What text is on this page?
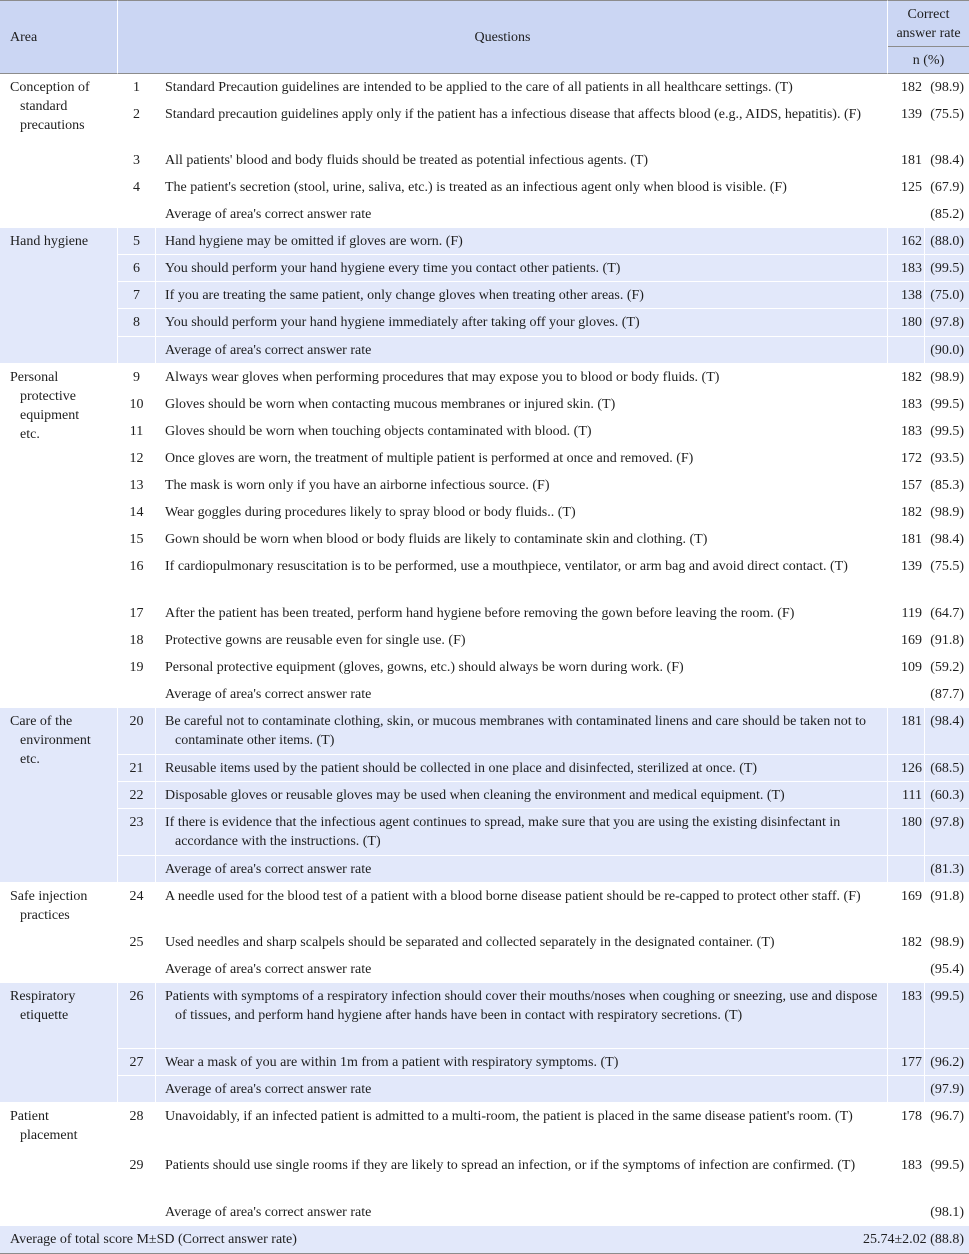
Area	Questions		Correct answer rate	
			n (%)	

Conception of standard precautions	1	Standard Precaution guidelines are intended to be applied to the care of all patients in all healthcare settings. (T)	182	(98.9)
	2	Standard precaution guidelines apply only if the patient has a infectious disease that affects blood (e.g., AIDS, hepatitis). (F)	139	(75.5)
	3	All patients' blood and body fluids should be treated as potential infectious agents. (T)	181	(98.4)
	4	The patient's secretion (stool, urine, saliva, etc.) is treated as an infectious agent only when blood is visible. (F)	125	(67.9)
		Average of area's correct answer rate		(85.2)

Hand hygiene	5	Hand hygiene may be omitted if gloves are worn. (F)	162	(88.0)
	6	You should perform your hand hygiene every time you contact other patients. (T)	183	(99.5)
	7	If you are treating the same patient, only change gloves when treating other areas. (F)	138	(75.0)
	8	You should perform your hand hygiene immediately after taking off your gloves. (T)	180	(97.8)
		Average of area's correct answer rate		(90.0)

Personal protective equipment etc.	9	Always wear gloves when performing procedures that may expose you to blood or body fluids. (T)	182	(98.9)
	10	Gloves should be worn when contacting mucous membranes or injured skin. (T)	183	(99.5)
	11	Gloves should be worn when touching objects contaminated with blood. (T)	183	(99.5)
	12	Once gloves are worn, the treatment of multiple patient is performed at once and removed. (F)	172	(93.5)
	13	The mask is worn only if you have an airborne infectious source. (F)	157	(85.3)
	14	Wear goggles during procedures likely to spray blood or body fluids.. (T)	182	(98.9)
	15	Gown should be worn when blood or body fluids are likely to contaminate skin and clothing. (T)	181	(98.4)
	16	If cardiopulmonary resuscitation is to be performed, use a mouthpiece, ventilator, or arm bag and avoid direct contact. (T)	139	(75.5)
	17	After the patient has been treated, perform hand hygiene before removing the gown before leaving the room. (F)	119	(64.7)
	18	Protective gowns are reusable even for single use. (F)	169	(91.8)
	19	Personal protective equipment (gloves, gowns, etc.) should always be worn during work. (F)	109	(59.2)
		Average of area's correct answer rate		(87.7)

Care of the environment etc.	20	Be careful not to contaminate clothing, skin, or mucous membranes with contaminated linens and care should be taken not to contaminate other items. (T)	181	(98.4)
	21	Reusable items used by the patient should be collected in one place and disinfected, sterilized at once. (T)	126	(68.5)
	22	Disposable gloves or reusable gloves may be used when cleaning the environment and medical equipment. (T)	111	(60.3)
	23	If there is evidence that the infectious agent continues to spread, make sure that you are using the existing disinfectant in accordance with the instructions. (T)	180	(97.8)
		Average of area's correct answer rate		(81.3)

Safe injection practices	24	A needle used for the blood test of a patient with a blood borne disease patient should be re-capped to protect other staff. (F)	169	(91.8)
	25	Used needles and sharp scalpels should be separated and collected separately in the designated container. (T)	182	(98.9)
		Average of area's correct answer rate		(95.4)

Respiratory etiquette	26	Patients with symptoms of a respiratory infection should cover their mouths/noses when coughing or sneezing, use and dispose of tissues, and perform hand hygiene after hands have been in contact with respiratory secretions. (T)	183	(99.5)
	27	Wear a mask of you are within 1m from a patient with respiratory symptoms. (T)	177	(96.2)
		Average of area's correct answer rate		(97.9)

Patient placement	28	Unavoidably, if an infected patient is admitted to a multi-room, the patient is placed in the same disease patient's room. (T)	178	(96.7)
	29	Patients should use single rooms if they are likely to spread an infection, or if the symptoms of infection are confirmed. (T)	183	(99.5)
		Average of area's correct answer rate		(98.1)

Average of total score M±SD (Correct answer rate) 25.74±2.02 (88.8)				
